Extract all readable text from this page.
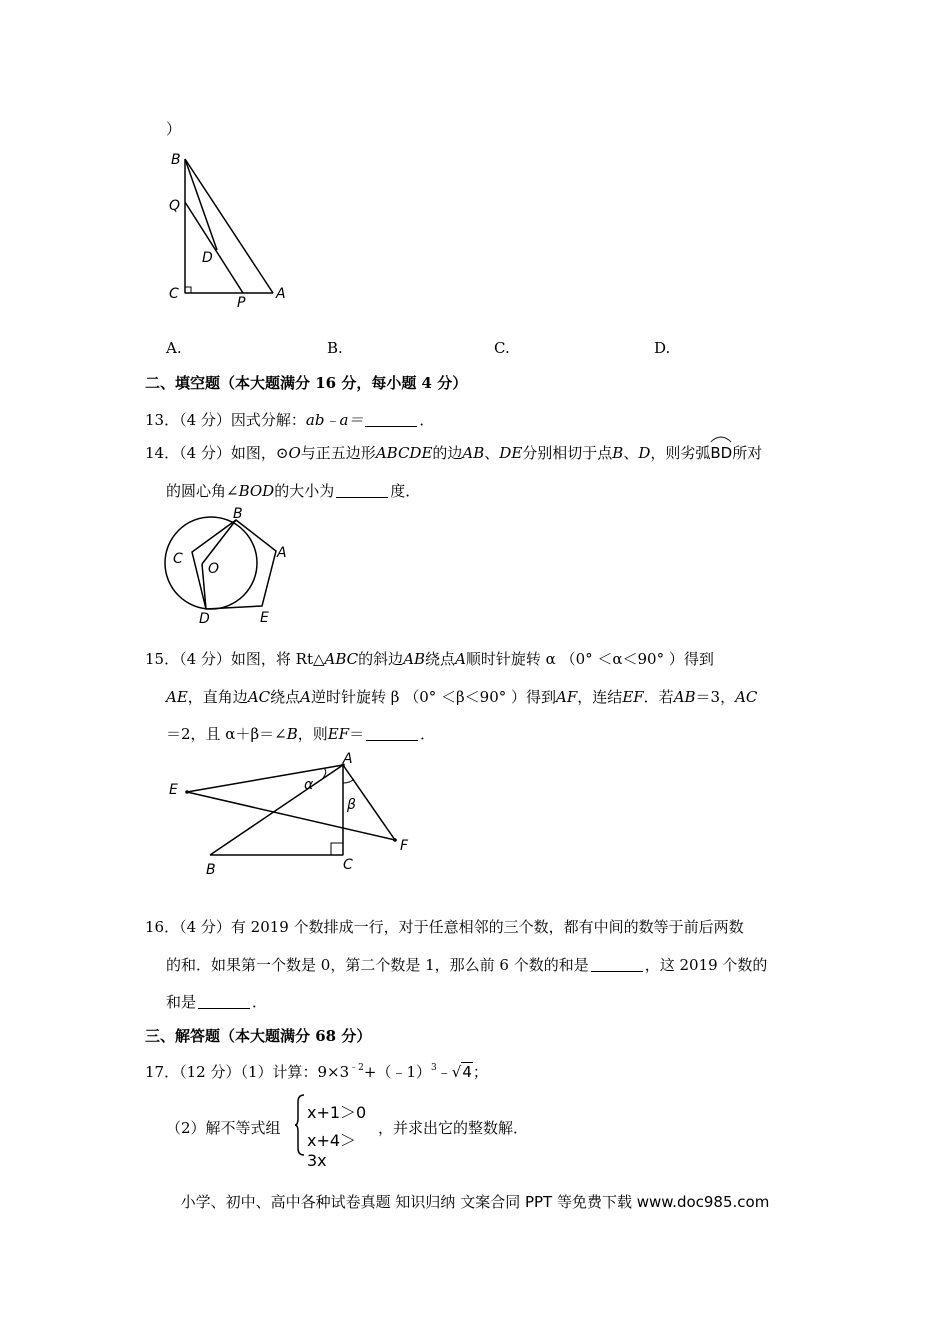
）
B
Q
D
C
P
A
A.	B.	C.	D.
二、填空题（本大题满分 16 分，每小题 4 分）
13．（4 分）因式分解：ab﹣a＝	．
14．（4 分）如图，⊙O与正五边形ABCDE的边AB、DE分别相切于点B、D，则劣弧
BD所对
的圆心角∠BOD的大小为	度．
B
C
O
A
D	E
15．（4 分）如图，将 Rt△ABC的斜边AB绕点A顺时针旋转 α （0° ＜α＜90° ）得到
AE，直角边AC绕点A逆时针旋转 β （0° ＜β＜90° ）得到AF，连结EF．若AB＝3，AC
＝2，且 α＋β＝∠B，则EF＝	．
A
E
F
B	C
α
β
16．（4 分）有 2019 个数排成一行，对于任意相邻的三个数，都有中间的数等于前后两数
的和．如果第一个数是 0，第二个数是 1，那么前 6 个数的和是	，这 2019 个数的
和是	．
三、解答题（本大题满分 68 分）
17．（12 分）（1）计算：$9\times 3^{﹣2}+(﹣1)^3﹣√4$；
（2）解不等式组
x+1＞0
x+4＞3x
，并求出它的整数解．
小学、初中、高中各种试卷真题 知识归纳 文案合同 PPT 等免费下载 www.doc985.com
